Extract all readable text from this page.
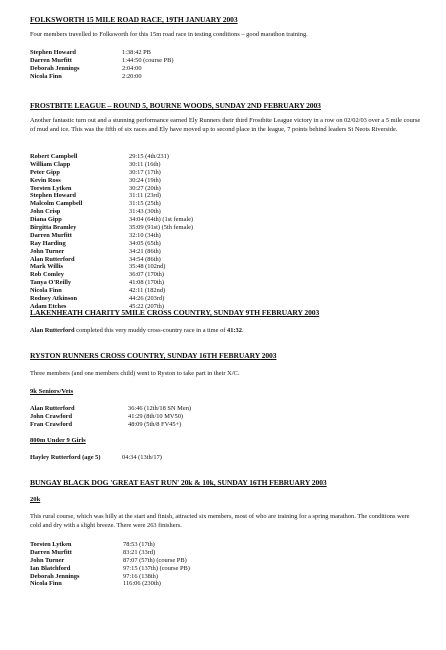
FOLKSWORTH 15 MILE ROAD RACE, 19TH JANUARY 2003
Four members travelled to Folksworth for this 15m road race in testing conditions – good marathon training.
Stephen Howard	1:38:42 PB
Darren Murfitt	1:44:50 (course PB)
Deborah Jennings	2:04:00
Nicola Finn	2:20:00
FROSTBITE LEAGUE – ROUND 5, BOURNE WOODS, SUNDAY 2ND FEBRUARY 2003
Another fantastic turn out and a stunning performance earned Ely Runners their third Frostbite League victory in a row on 02/02/03 over a 5 mile course of mud and ice. This was the fifth of six races and Ely have moved up to second place in the league, 7 points behind leaders St Neots Riverside.
Robert Campbell	29:15 (4th/231)
William Clapp	30:11 (16th)
Peter Gipp	30:17 (17th)
Kevin Ross	30:24 (19th)
Torsten Lytken	30:27 (20th)
Stephen Howard	31:11 (23rd)
Malcolm Campbell	31:15 (25th)
John Crisp	31:43 (30th)
Diana Gipp	34:04 (64th) (1st female)
Birgitta Bramley	35:09 (91st) (5th female)
Darren Murfitt	32:10 (34th)
Ray Harding	34:05 (65th)
John Turner	34:21 (86th)
Alan Rutterford	34:54 (86th)
Mark Willis	35:48 (102nd)
Rob Comley	36:07 (170th)
Tanya O'Reilly	41:08 (170th)
Nicola Finn	42:11 (182nd)
Rodney Atkinson	44:26 (203rd)
Adam Etches	45:22 (207th)
LAKENHEATH CHARITY 5MILE CROSS COUNTRY, SUNDAY 9TH FEBRUARY 2003
Alan Rutterford completed this very muddy cross-country race in a time of 41:32.
RYSTON RUNNERS CROSS COUNTRY, SUNDAY 16TH FEBRUARY 2003
Three members (and one members child) went to Ryston to take part in their X/C.
9k Seniors/Vets
Alan Rutterford	36:46 (12th/18 SN Men)
John Crawford	41:29 (8th/10 MV50)
Fran Crawford	48:09 (5th/8 FV45+)
800m Under 9 Girls
Hayley Rutterford (age 5)	04:34 (13th/17)
BUNGAY BLACK DOG 'GREAT EAST RUN' 20k & 10k, SUNDAY 16TH FEBRUARY 2003
20k
This rural course, which was hilly at the start and finish, attracted six members, most of who are training for a spring marathon. The conditions were cold and dry with a slight breeze. There were 263 finishers.
Torsten Lytken	78:53 (17th)
Darren Murfitt	83:21 (33rd)
John Turner	87:07 (57th) (course PB)
Ian Blatchford	97:15 (137th) (course PB)
Deborah Jennings	97:16 (138th)
Nicola Finn	116:06 (230th)
